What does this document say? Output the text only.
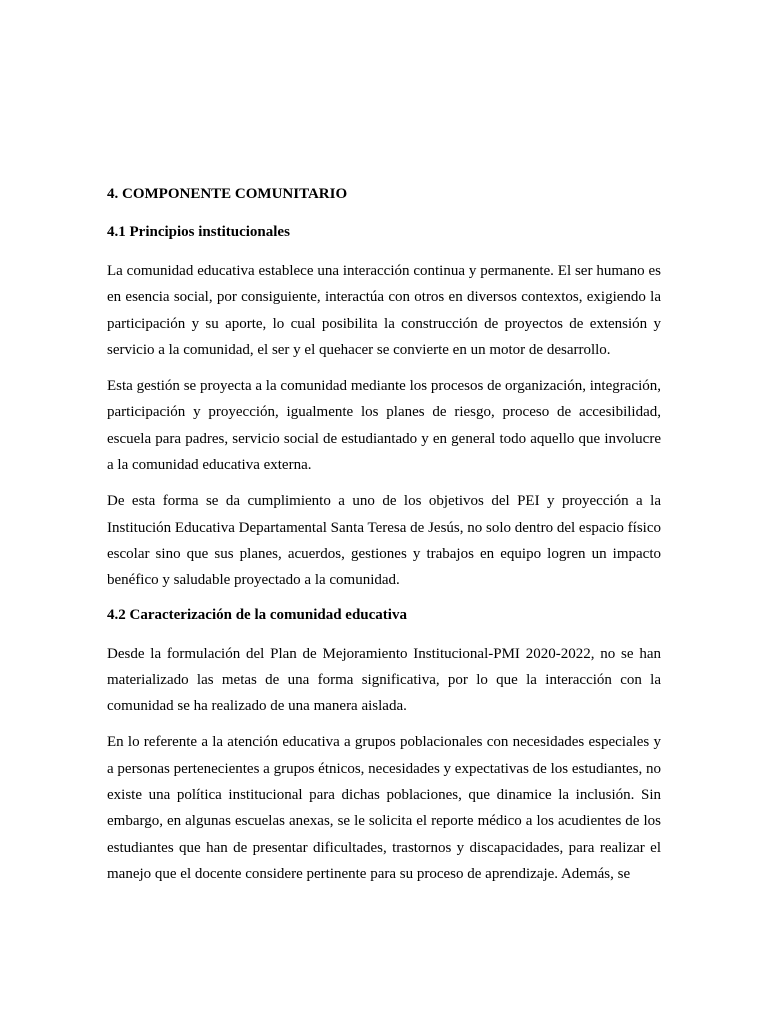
4. COMPONENTE COMUNITARIO
4.1 Principios institucionales

La comunidad educativa establece una interacción continua y permanente. El ser humano es en esencia social, por consiguiente, interactúa con otros en diversos contextos, exigiendo la participación y su aporte, lo cual posibilita la construcción de proyectos de extensión y servicio a la comunidad, el ser y el quehacer se convierte en un motor de desarrollo.

Esta gestión se proyecta a la comunidad mediante los procesos de organización, integración, participación y proyección, igualmente los planes de riesgo, proceso de accesibilidad, escuela para padres, servicio social de estudiantado y en general todo aquello que involucre a la comunidad educativa externa.

De esta forma se da cumplimiento a uno de los objetivos del PEI y proyección a la Institución Educativa Departamental Santa Teresa de Jesús, no solo dentro del espacio físico escolar sino que sus planes, acuerdos, gestiones y trabajos en equipo logren un impacto benéfico y saludable proyectado a la comunidad.

4.2 Caracterización de la comunidad educativa

Desde la formulación del Plan de Mejoramiento Institucional-PMI 2020-2022, no se han materializado las metas de una forma significativa, por lo que la interacción con la comunidad se ha realizado de una manera aislada.

En lo referente a la atención educativa a grupos poblacionales con necesidades especiales y a personas pertenecientes a grupos étnicos, necesidades y expectativas de los estudiantes, no existe una política institucional para dichas poblaciones, que dinamice la inclusión. Sin embargo, en algunas escuelas anexas, se le solicita el reporte médico a los acudientes de los estudiantes que han de presentar dificultades, trastornos y discapacidades, para realizar el manejo que el docente considere pertinente para su proceso de aprendizaje. Además, se
